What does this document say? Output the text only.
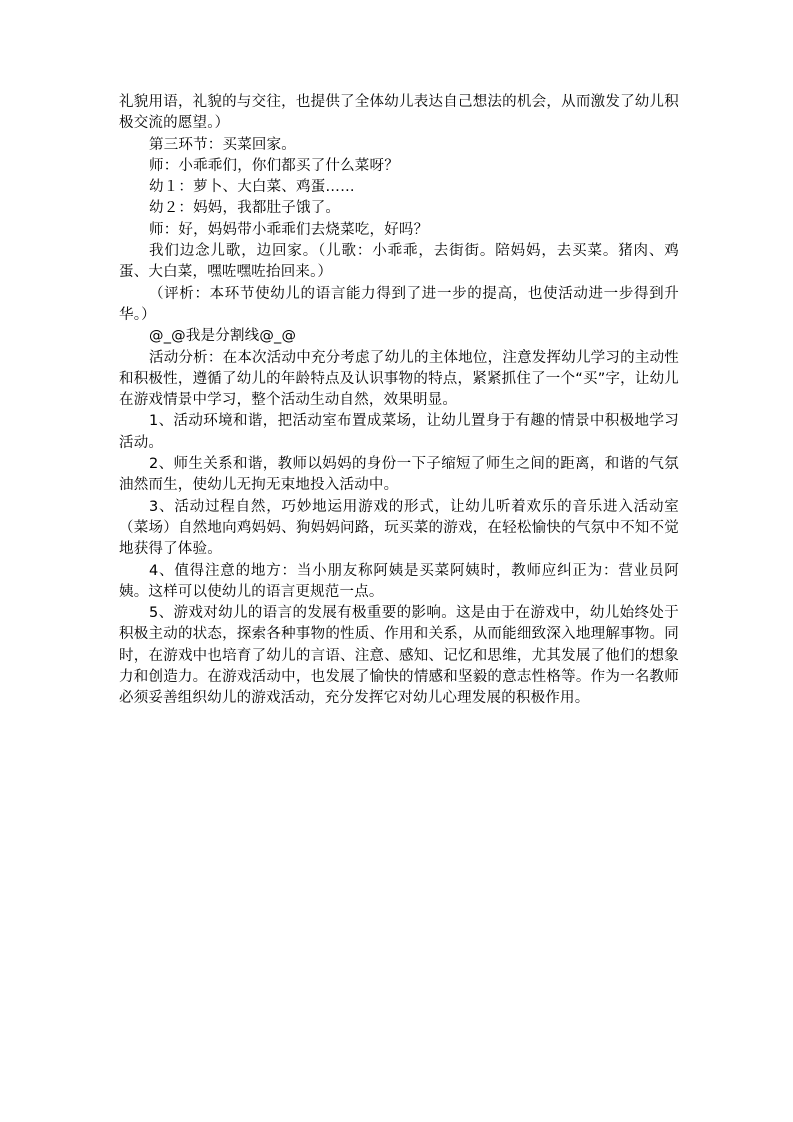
礼貌用语，礼貌的与交往，也提供了全体幼儿表达自己想法的机会，从而激发了幼儿积极交流的愿望。）

第三环节：买菜回家。

师：小乖乖们，你们都买了什么菜呀？

幼１：萝卜、大白菜、鸡蛋……

幼２：妈妈，我都肚子饿了。

师：好，妈妈带小乖乖们去烧菜吃，好吗？

我们边念儿歌，边回家。（儿歌：小乖乖，去街街。陪妈妈，去买菜。猪肉、鸡蛋、大白菜，嘿咗嘿咗抬回来。）

（评析：本环节使幼儿的语言能力得到了进一步的提高，也使活动进一步得到升华。）

@_@我是分割线@_@

活动分析：在本次活动中充分考虑了幼儿的主体地位，注意发挥幼儿学习的主动性和积极性，遵循了幼儿的年龄特点及认识事物的特点，紧紧抓住了一个“买”字，让幼儿在游戏情景中学习，整个活动生动自然，效果明显。

1、活动环境和谐，把活动室布置成菜场，让幼儿置身于有趣的情景中积极地学习活动。

2、师生关系和谐，教师以妈妈的身份一下子缩短了师生之间的距离，和谐的气氛油然而生，使幼儿无拘无束地投入活动中。

3、活动过程自然，巧妙地运用游戏的形式，让幼儿听着欢乐的音乐进入活动室（菜场）自然地向鸡妈妈、狗妈妈问路，玩买菜的游戏，在轻松愉快的气氛中不知不觉地获得了体验。

4、值得注意的地方：当小朋友称阿姨是买菜阿姨时，教师应纠正为：营业员阿姨。这样可以使幼儿的语言更规范一点。

5、游戏对幼儿的语言的发展有极重要的影响。这是由于在游戏中，幼儿始终处于积极主动的状态，探索各种事物的性质、作用和关系，从而能细致深入地理解事物。同时，在游戏中也培育了幼儿的言语、注意、感知、记忆和思维，尤其发展了他们的想象力和创造力。在游戏活动中，也发展了愉快的情感和坚毅的意志性格等。作为一名教师必须妥善组织幼儿的游戏活动，充分发挥它对幼儿心理发展的积极作用。
